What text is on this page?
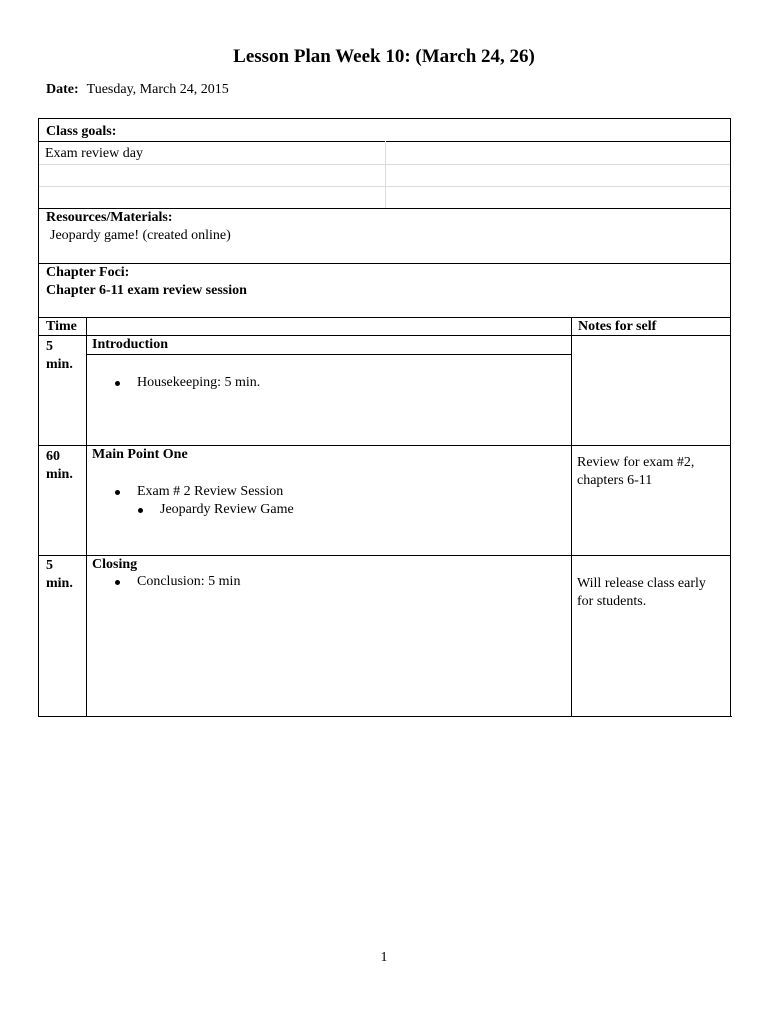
Lesson Plan Week 10: (March 24, 26)
Date: Tuesday, March 24, 2015
Class goals:
Exam review day
Resources/Materials:
Jeopardy game! (created online)
Chapter Foci:
Chapter 6-11 exam review session
Time	Notes for self
5
min.
Introduction
Housekeeping: 5 min.
60
min.
Main Point One
Exam # 2 Review Session
Jeopardy Review Game
Review for exam #2, chapters 6-11
5
min.
Closing
Conclusion: 5 min	Will release class early for students.
1
